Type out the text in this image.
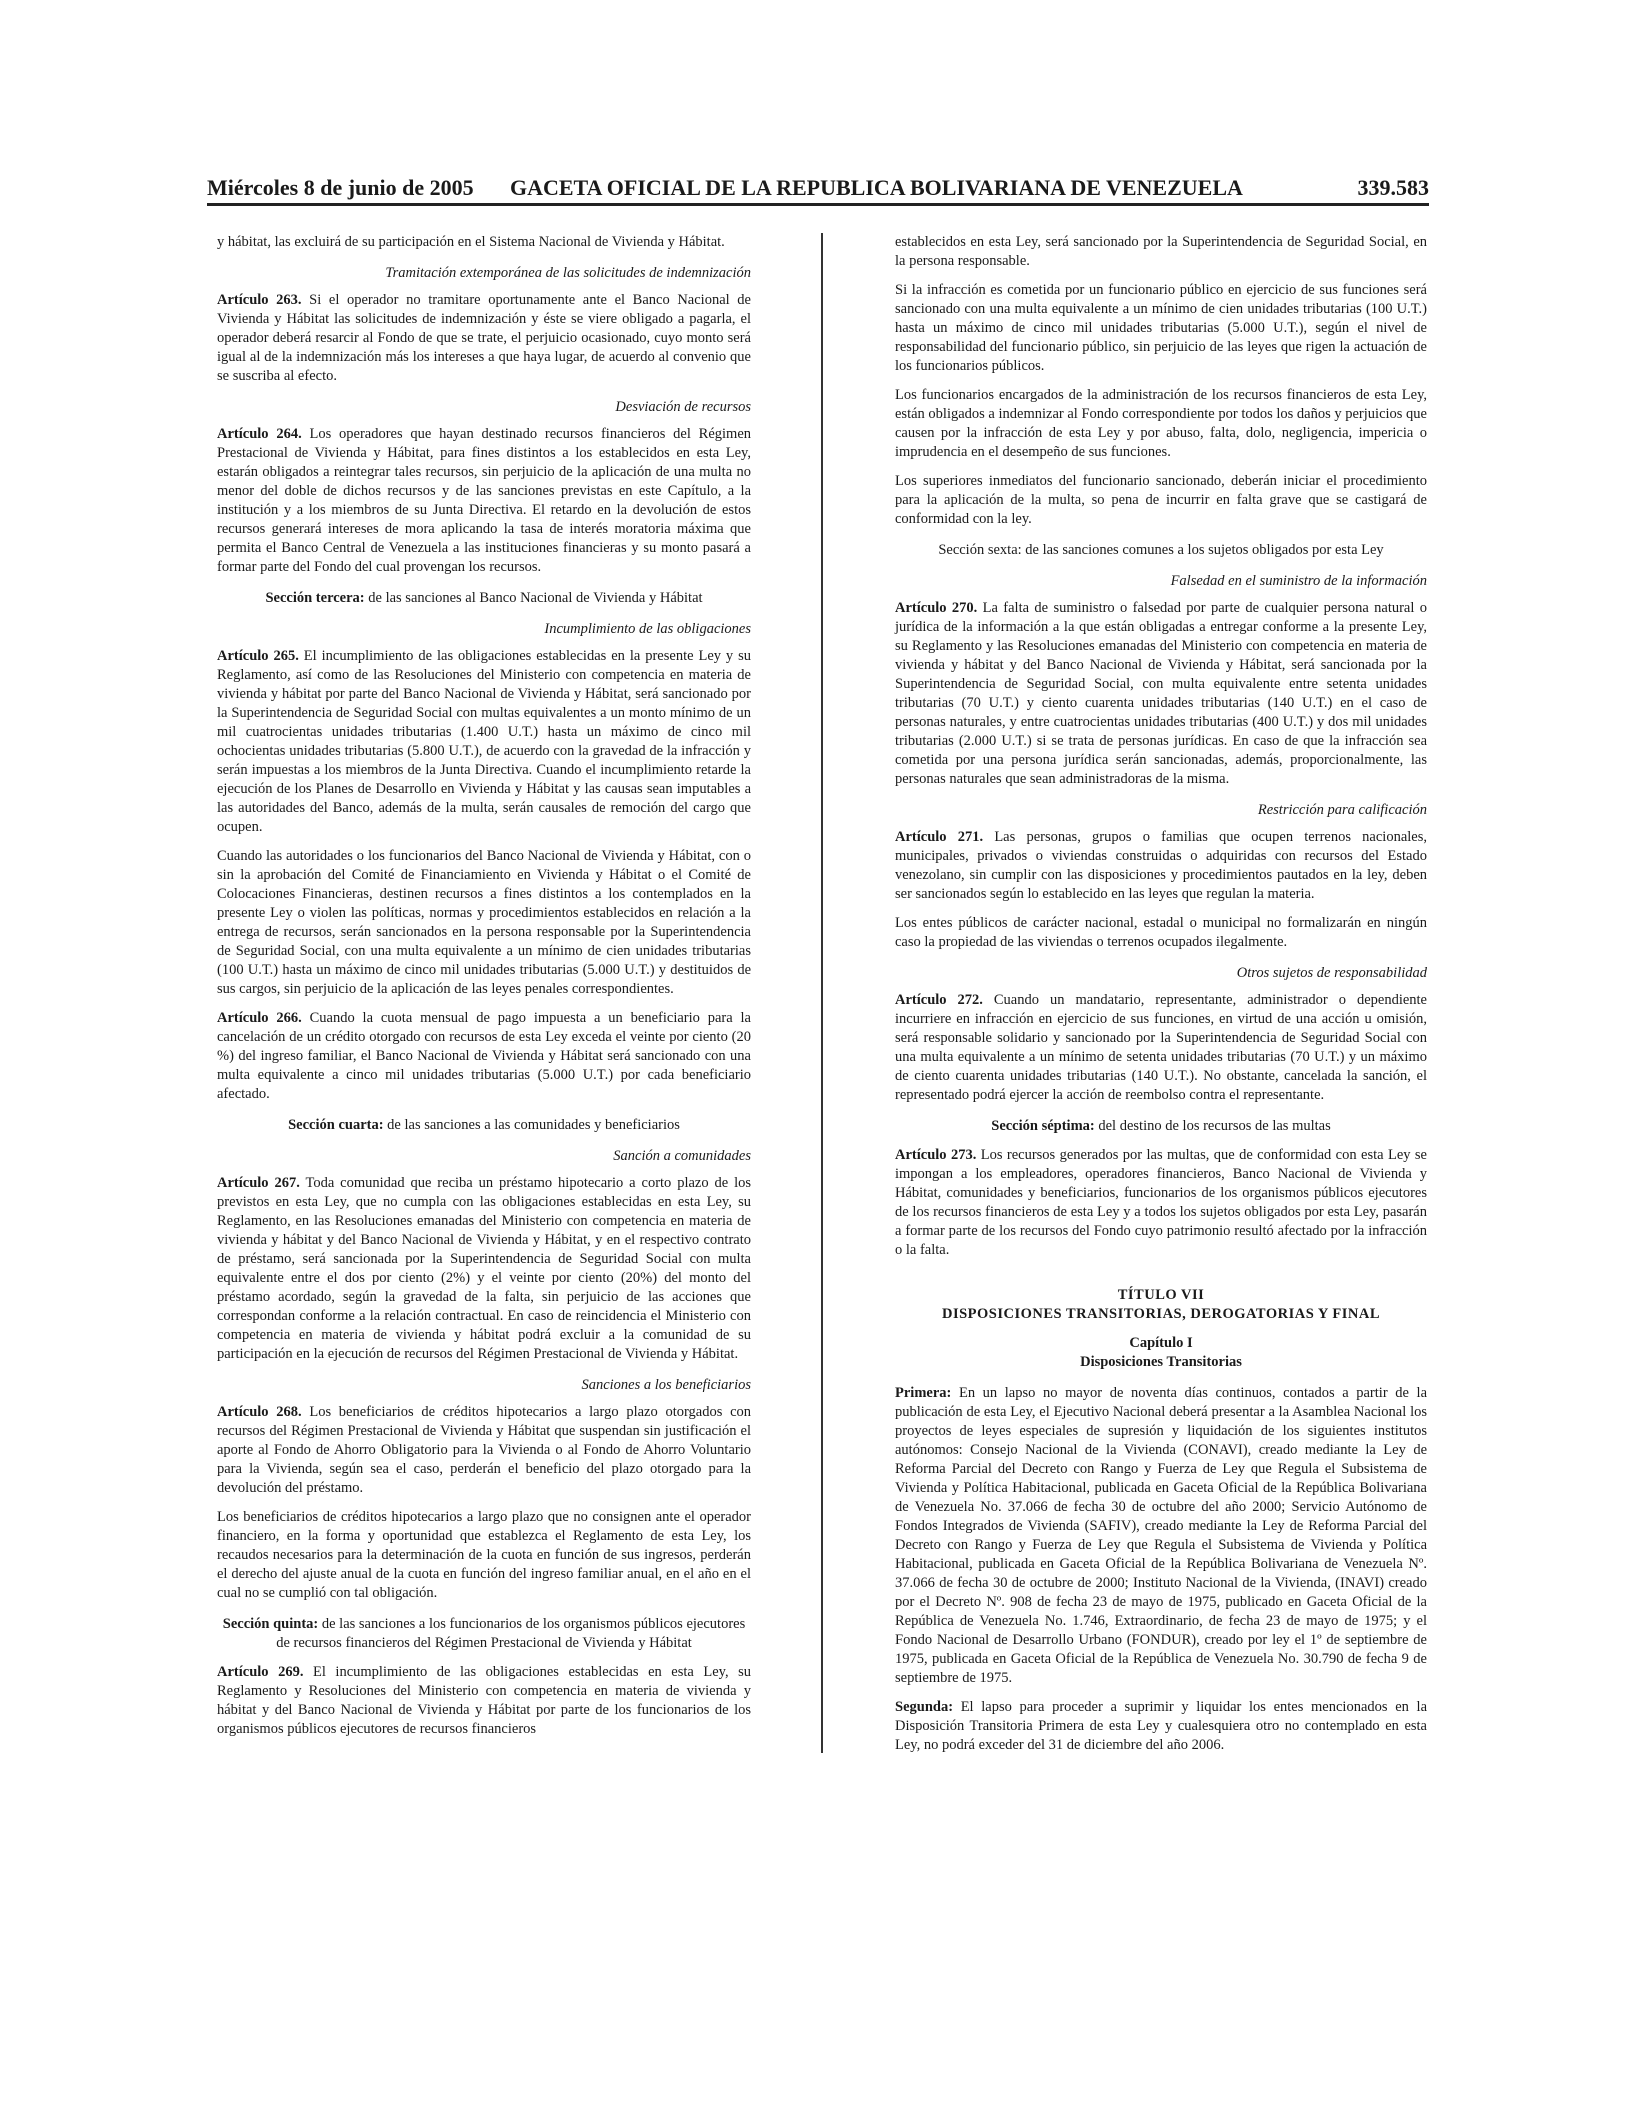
Miércoles 8 de junio de 2005 GACETA OFICIAL DE LA REPUBLICA BOLIVARIANA DE VENEZUELA	339.583

y hábitat, las excluirá de su participación en el Sistema Nacional de Vivienda y Hábitat.

Tramitación extemporánea de las solicitudes de indemnización

Artículo 263. Si el operador no tramitare oportunamente ante el Banco Nacional de Vivienda y Hábitat las solicitudes de indemnización y éste se viere obligado a pagarla, el operador deberá resarcir al Fondo de que se trate, el perjuicio ocasionado, cuyo monto será igual al de la indemnización más los intereses a que haya lugar, de acuerdo al convenio que se suscriba al efecto.

Desviación de recursos

Artículo 264. Los operadores que hayan destinado recursos financieros del Régimen Prestacional de Vivienda y Hábitat, para fines distintos a los establecidos en esta Ley, estarán obligados a reintegrar tales recursos, sin perjuicio de la aplicación de una multa no menor del doble de dichos recursos y de las sanciones previstas en este Capítulo, a la institución y a los miembros de su Junta Directiva. El retardo en la devolución de estos recursos generará intereses de mora aplicando la tasa de interés moratoria máxima que permita el Banco Central de Venezuela a las instituciones financieras y su monto pasará a formar parte del Fondo del cual provengan los recursos.

Sección tercera: de las sanciones al Banco Nacional de Vivienda y Hábitat
Incumplimiento de las obligaciones

Artículo 265. El incumplimiento de las obligaciones establecidas en la presente Ley y su Reglamento, así como de las Resoluciones del Ministerio con competencia en materia de vivienda y hábitat por parte del Banco Nacional de Vivienda y Hábitat, será sancionado por la Superintendencia de Seguridad Social con multas equivalentes a un monto mínimo de un mil cuatrocientas unidades tributarias (1.400 U.T.) hasta un máximo de cinco mil ochocientas unidades tributarias (5.800 U.T.), de acuerdo con la gravedad de la infracción y serán impuestas a los miembros de la Junta Directiva. Cuando el incumplimiento retarde la ejecución de los Planes de Desarrollo en Vivienda y Hábitat y las causas sean imputables a las autoridades del Banco, además de la multa, serán causales de remoción del cargo que ocupen.

Cuando las autoridades o los funcionarios del Banco Nacional de Vivienda y Hábitat, con o sin la aprobación del Comité de Financiamiento en Vivienda y Hábitat o el Comité de Colocaciones Financieras, destinen recursos a fines distintos a los contemplados en la presente Ley o violen las políticas, normas y procedimientos establecidos en relación a la entrega de recursos, serán sancionados en la persona responsable por la Superintendencia de Seguridad Social, con una multa equivalente a un mínimo de cien unidades tributarias (100 U.T.) hasta un máximo de cinco mil unidades tributarias (5.000 U.T.) y destituidos de sus cargos, sin perjuicio de la aplicación de las leyes penales correspondientes.

Artículo 266. Cuando la cuota mensual de pago impuesta a un beneficiario para la cancelación de un crédito otorgado con recursos de esta Ley exceda el veinte por ciento (20 %) del ingreso familiar, el Banco Nacional de Vivienda y Hábitat será sancionado con una multa equivalente a cinco mil unidades tributarias (5.000 U.T.) por cada beneficiario afectado.

Sección cuarta: de las sanciones a las comunidades y beneficiarios
Sanción a comunidades

Artículo 267. Toda comunidad que reciba un préstamo hipotecario a corto plazo de los previstos en esta Ley, que no cumpla con las obligaciones establecidas en esta Ley, su Reglamento, en las Resoluciones emanadas del Ministerio con competencia en materia de vivienda y hábitat y del Banco Nacional de Vivienda y Hábitat, y en el respectivo contrato de préstamo, será sancionada por la Superintendencia de Seguridad Social con multa equivalente entre el dos por ciento (2%) y el veinte por ciento (20%) del monto del préstamo acordado, según la gravedad de la falta, sin perjuicio de las acciones que correspondan conforme a la relación contractual. En caso de reincidencia el Ministerio con competencia en materia de vivienda y hábitat podrá excluir a la comunidad de su participación en la ejecución de recursos del Régimen Prestacional de Vivienda y Hábitat.

Sanciones a los beneficiarios

Artículo 268. Los beneficiarios de créditos hipotecarios a largo plazo otorgados con recursos del Régimen Prestacional de Vivienda y Hábitat que suspendan sin justificación el aporte al Fondo de Ahorro Obligatorio para la Vivienda o al Fondo de Ahorro Voluntario para la Vivienda, según sea el caso, perderán el beneficio del plazo otorgado para la devolución del préstamo.

Los beneficiarios de créditos hipotecarios a largo plazo que no consignen ante el operador financiero, en la forma y oportunidad que establezca el Reglamento de esta Ley, los recaudos necesarios para la determinación de la cuota en función de sus ingresos, perderán el derecho del ajuste anual de la cuota en función del ingreso familiar anual, en el año en el cual no se cumplió con tal obligación.

Sección quinta: de las sanciones a los funcionarios de los organismos públicos ejecutores de recursos financieros del Régimen Prestacional de Vivienda y Hábitat

Artículo 269. El incumplimiento de las obligaciones establecidas en esta Ley, su Reglamento y Resoluciones del Ministerio con competencia en materia de vivienda y hábitat y del Banco Nacional de Vivienda y Hábitat por parte de los funcionarios de los organismos públicos ejecutores de recursos financieros

establecidos en esta Ley, será sancionado por la Superintendencia de Seguridad Social, en la persona responsable.

Si la infracción es cometida por un funcionario público en ejercicio de sus funciones será sancionado con una multa equivalente a un mínimo de cien unidades tributarias (100 U.T.) hasta un máximo de cinco mil unidades tributarias (5.000 U.T.), según el nivel de responsabilidad del funcionario público, sin perjuicio de las leyes que rigen la actuación de los funcionarios públicos.

Los funcionarios encargados de la administración de los recursos financieros de esta Ley, están obligados a indemnizar al Fondo correspondiente por todos los daños y perjuicios que causen por la infracción de esta Ley y por abuso, falta, dolo, negligencia, impericia o imprudencia en el desempeño de sus funciones.

Los superiores inmediatos del funcionario sancionado, deberán iniciar el procedimiento para la aplicación de la multa, so pena de incurrir en falta grave que se castigará de conformidad con la ley.

Sección sexta: de las sanciones comunes a los sujetos obligados por esta Ley
Falsedad en el suministro de la información

Artículo 270. La falta de suministro o falsedad por parte de cualquier persona natural o jurídica de la información a la que están obligadas a entregar conforme a la presente Ley, su Reglamento y las Resoluciones emanadas del Ministerio con competencia en materia de vivienda y hábitat y del Banco Nacional de Vivienda y Hábitat, será sancionada por la Superintendencia de Seguridad Social, con multa equivalente entre setenta unidades tributarias (70 U.T.) y ciento cuarenta unidades tributarias (140 U.T.) en el caso de personas naturales, y entre cuatrocientas unidades tributarias (400 U.T.) y dos mil unidades tributarias (2.000 U.T.) si se trata de personas jurídicas. En caso de que la infracción sea cometida por una persona jurídica serán sancionadas, además, proporcionalmente, las personas naturales que sean administradoras de la misma.

Restricción para calificación

Artículo 271. Las personas, grupos o familias que ocupen terrenos nacionales, municipales, privados o viviendas construidas o adquiridas con recursos del Estado venezolano, sin cumplir con las disposiciones y procedimientos pautados en la ley, deben ser sancionados según lo establecido en las leyes que regulan la materia.

Los entes públicos de carácter nacional, estadal o municipal no formalizarán en ningún caso la propiedad de las viviendas o terrenos ocupados ilegalmente.

Otros sujetos de responsabilidad

Artículo 272. Cuando un mandatario, representante, administrador o dependiente incurriere en infracción en ejercicio de sus funciones, en virtud de una acción u omisión, será responsable solidario y sancionado por la Superintendencia de Seguridad Social con una multa equivalente a un mínimo de setenta unidades tributarias (70 U.T.) y un máximo de ciento cuarenta unidades tributarias (140 U.T.). No obstante, cancelada la sanción, el representado podrá ejercer la acción de reembolso contra el representante.

Sección séptima: del destino de los recursos de las multas

Artículo 273. Los recursos generados por las multas, que de conformidad con esta Ley se impongan a los empleadores, operadores financieros, Banco Nacional de Vivienda y Hábitat, comunidades y beneficiarios, funcionarios de los organismos públicos ejecutores de los recursos financieros de esta Ley y a todos los sujetos obligados por esta Ley, pasarán a formar parte de los recursos del Fondo cuyo patrimonio resultó afectado por la infracción o la falta.

TÍTULO VII
DISPOSICIONES TRANSITORIAS, DEROGATORIAS Y FINAL
Capítulo I
Disposiciones Transitorias

Primera: En un lapso no mayor de noventa días continuos, contados a partir de la publicación de esta Ley, el Ejecutivo Nacional deberá presentar a la Asamblea Nacional los proyectos de leyes especiales de supresión y liquidación de los siguientes institutos autónomos: Consejo Nacional de la Vivienda (CONAVI), creado mediante la Ley de Reforma Parcial del Decreto con Rango y Fuerza de Ley que Regula el Subsistema de Vivienda y Política Habitacional, publicada en Gaceta Oficial de la República Bolivariana de Venezuela No. 37.066 de fecha 30 de octubre del año 2000; Servicio Autónomo de Fondos Integrados de Vivienda (SAFIV), creado mediante la Ley de Reforma Parcial del Decreto con Rango y Fuerza de Ley que Regula el Subsistema de Vivienda y Política Habitacional, publicada en Gaceta Oficial de la República Bolivariana de Venezuela Nº. 37.066 de fecha 30 de octubre de 2000; Instituto Nacional de la Vivienda, (INAVI) creado por el Decreto Nº. 908 de fecha 23 de mayo de 1975, publicado en Gaceta Oficial de la República de Venezuela No. 1.746, Extraordinario, de fecha 23 de mayo de 1975; y el Fondo Nacional de Desarrollo Urbano (FONDUR), creado por ley el 1º de septiembre de 1975, publicada en Gaceta Oficial de la República de Venezuela No. 30.790 de fecha 9 de septiembre de 1975.

Segunda: El lapso para proceder a suprimir y liquidar los entes mencionados en la Disposición Transitoria Primera de esta Ley y cualesquiera otro no contemplado en esta Ley, no podrá exceder del 31 de diciembre del año 2006.
